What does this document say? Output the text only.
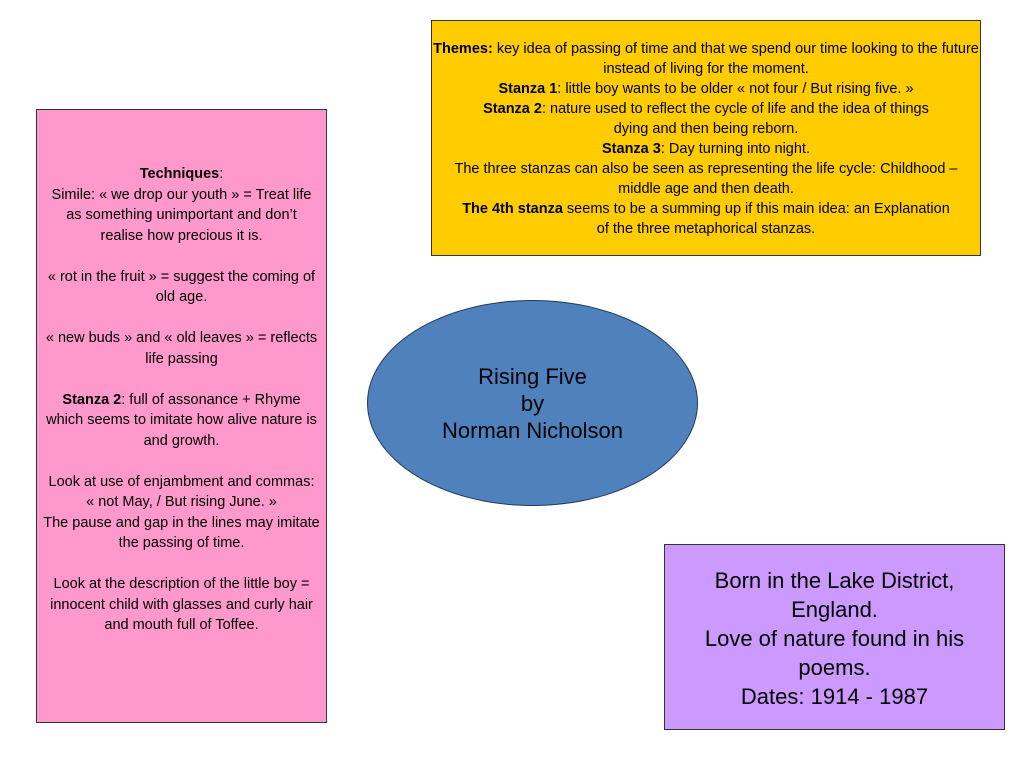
Themes: key idea of passing of time and that we spend our time looking to the future instead of living for the moment.
Stanza 1: little boy wants to be older « not four / But rising five. »
Stanza 2: nature used to reflect the cycle of life and the idea of things dying and then being reborn.
Stanza 3: Day turning into night.
The three stanzas can also be seen as representing the life cycle: Childhood – middle age and then death.
The 4th stanza seems to be a summing up if this main idea: an Explanation of the three metaphorical stanzas.
Techniques:

Simile: « we drop our youth » = Treat life as something unimportant and don’t realise how precious it is.

« rot in the fruit » = suggest the coming of old age.

« new buds » and « old leaves » = reflects life passing

Stanza 2: full of assonance + Rhyme which seems to imitate how alive nature is and growth.

Look at use of enjambment and commas: « not May, / But rising June. »

The pause and gap in the lines may imitate the passing of time.

Look at the description of the little boy = innocent child with glasses and curly hair and mouth full of Toffee.

Rising Five
by
Norman Nicholson
Born in the Lake District, England.
Love of nature found in his poems.
Dates: 1914 - 1987
